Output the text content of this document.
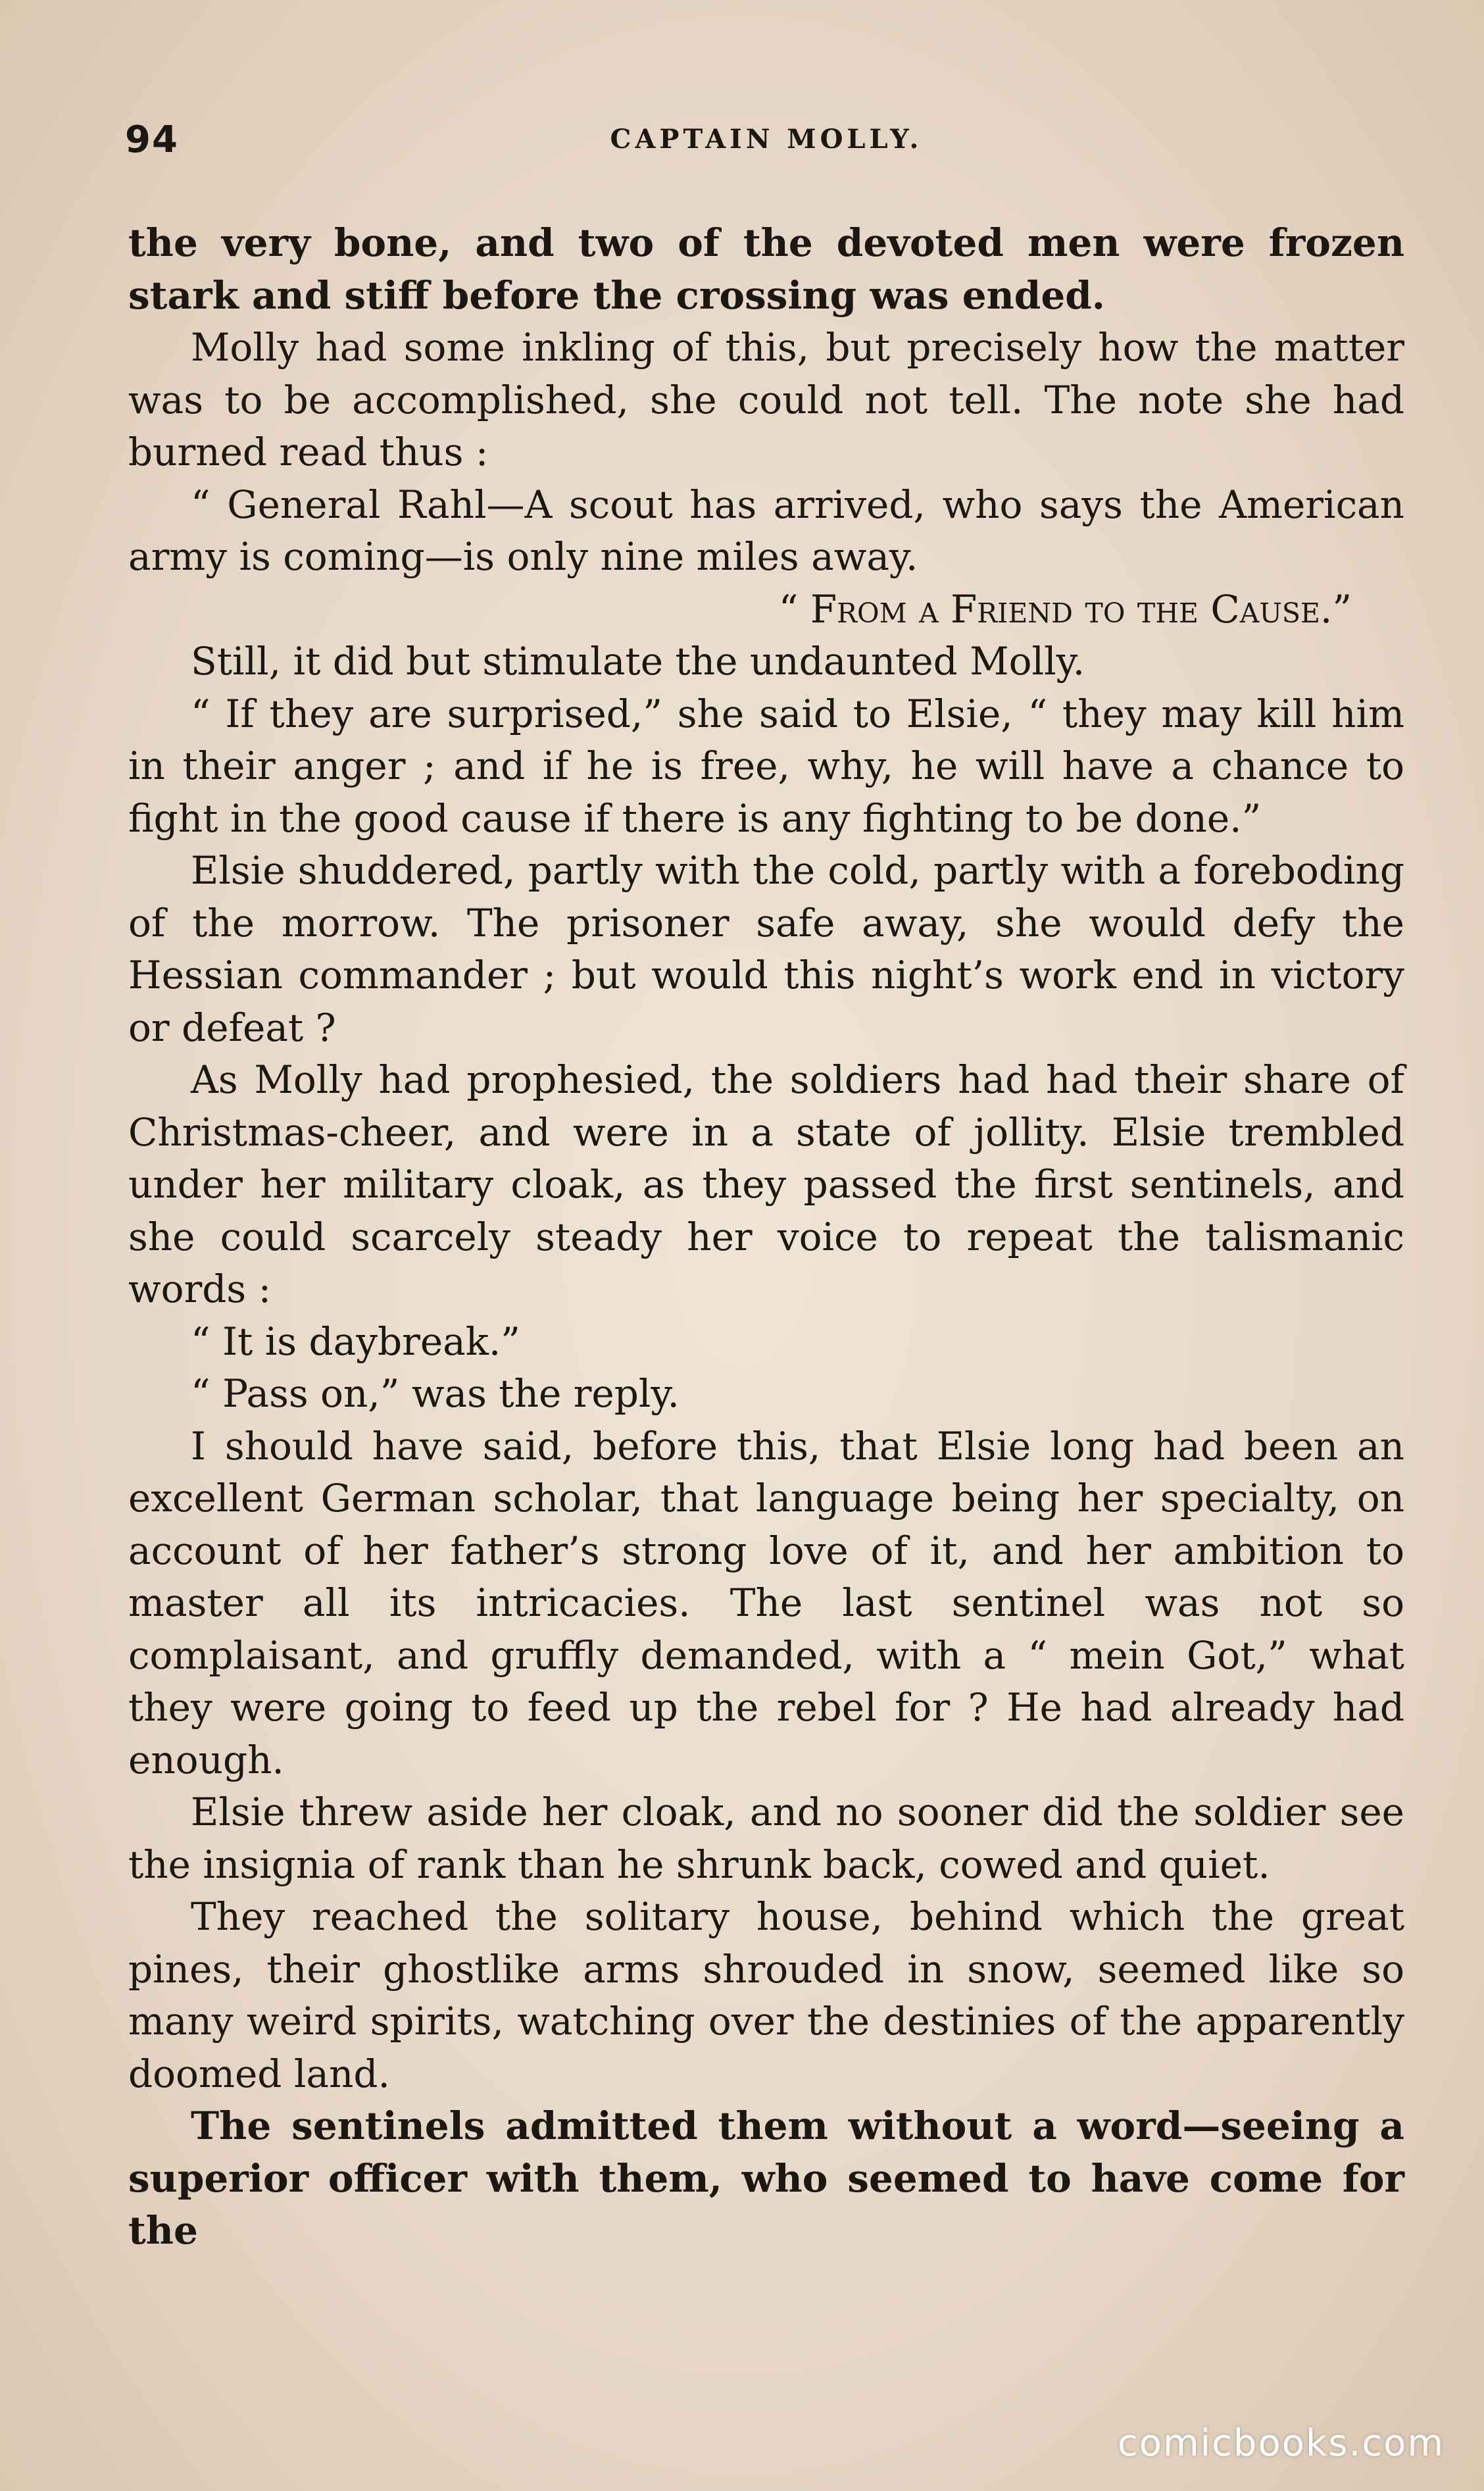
94	CAPTAIN MOLLY.

the very bone, and two of the devoted men were frozen stark and stiff before the crossing was ended.

Molly had some inkling of this, but precisely how the matter was to be accomplished, she could not tell. The note she had burned read thus :

“ General Rahl—A scout has arrived, who says the American army is coming—is only nine miles away.

“ From a Friend to the Cause.”

Still, it did but stimulate the undaunted Molly.

“ If they are surprised,” she said to Elsie, “ they may kill him in their anger ; and if he is free, why, he will have a chance to fight in the good cause if there is any fighting to be done.”

Elsie shuddered, partly with the cold, partly with a foreboding of the morrow. The prisoner safe away, she would defy the Hessian commander ; but would this night’s work end in victory or defeat ?

As Molly had prophesied, the soldiers had had their share of Christmas-cheer, and were in a state of jollity. Elsie trembled under her military cloak, as they passed the first sentinels, and she could scarcely steady her voice to repeat the talismanic words :

“ It is daybreak.”

“ Pass on,” was the reply.

I should have said, before this, that Elsie long had been an excellent German scholar, that language being her specialty, on account of her father’s strong love of it, and her ambition to master all its intricacies. The last sentinel was not so complaisant, and gruffly demanded, with a “ mein Got,” what they were going to feed up the rebel for ? He had already had enough.

Elsie threw aside her cloak, and no sooner did the soldier see the insignia of rank than he shrunk back, cowed and quiet.

They reached the solitary house, behind which the great pines, their ghostlike arms shrouded in snow, seemed like so many weird spirits, watching over the destinies of the apparently doomed land.

The sentinels admitted them without a word—seeing a superior officer with them, who seemed to have come for the

comicbooks.com
